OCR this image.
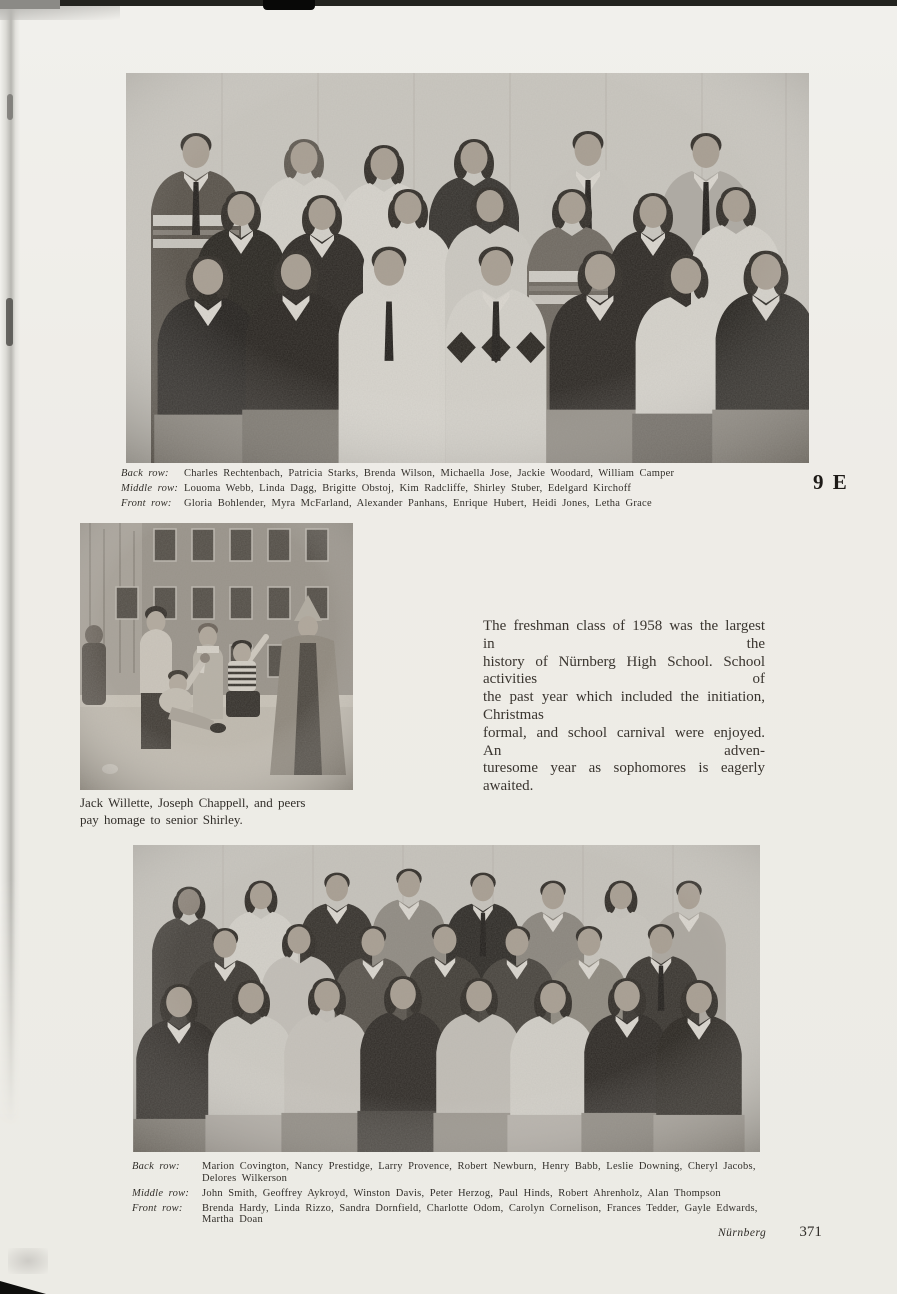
Back row:	Charles Rechtenbach, Patricia Starks, Brenda Wilson, Michaella Jose, Jackie Woodard, William Camper
Middle row: Louoma Webb, Linda Dagg, Brigitte Obstoj, Kim Radcliffe, Shirley Stuber, Edelgard Kirchoff
Front row:	Gloria Bohlender, Myra McFarland, Alexander Panhans, Enrique Hubert, Heidi Jones, Letha Grace
9 E
The freshman class of 1958 was the largest in the
history of Nürnberg High School. School activities of
the past year which included the initiation, Christmas
formal, and school carnival were enjoyed. An adven-
turesome year as sophomores is eagerly awaited.
Jack Willette, Joseph Chappell, and peers
pay homage to senior Shirley.
Back row:	Marion Covington, Nancy Prestidge, Larry Provence, Robert Newburn, Henry Babb, Leslie Downing, Cheryl Jacobs,
Delores Wilkerson
Middle row:	John Smith, Geoffrey Aykroyd, Winston Davis, Peter Herzog, Paul Hinds, Robert Ahrenholz, Alan Thompson
Front row:	Brenda Hardy, Linda Rizzo, Sandra Dornfield, Charlotte Odom, Carolyn Cornelison, Frances Tedder, Gayle Edwards,
Martha Doan
Nürnberg 371
